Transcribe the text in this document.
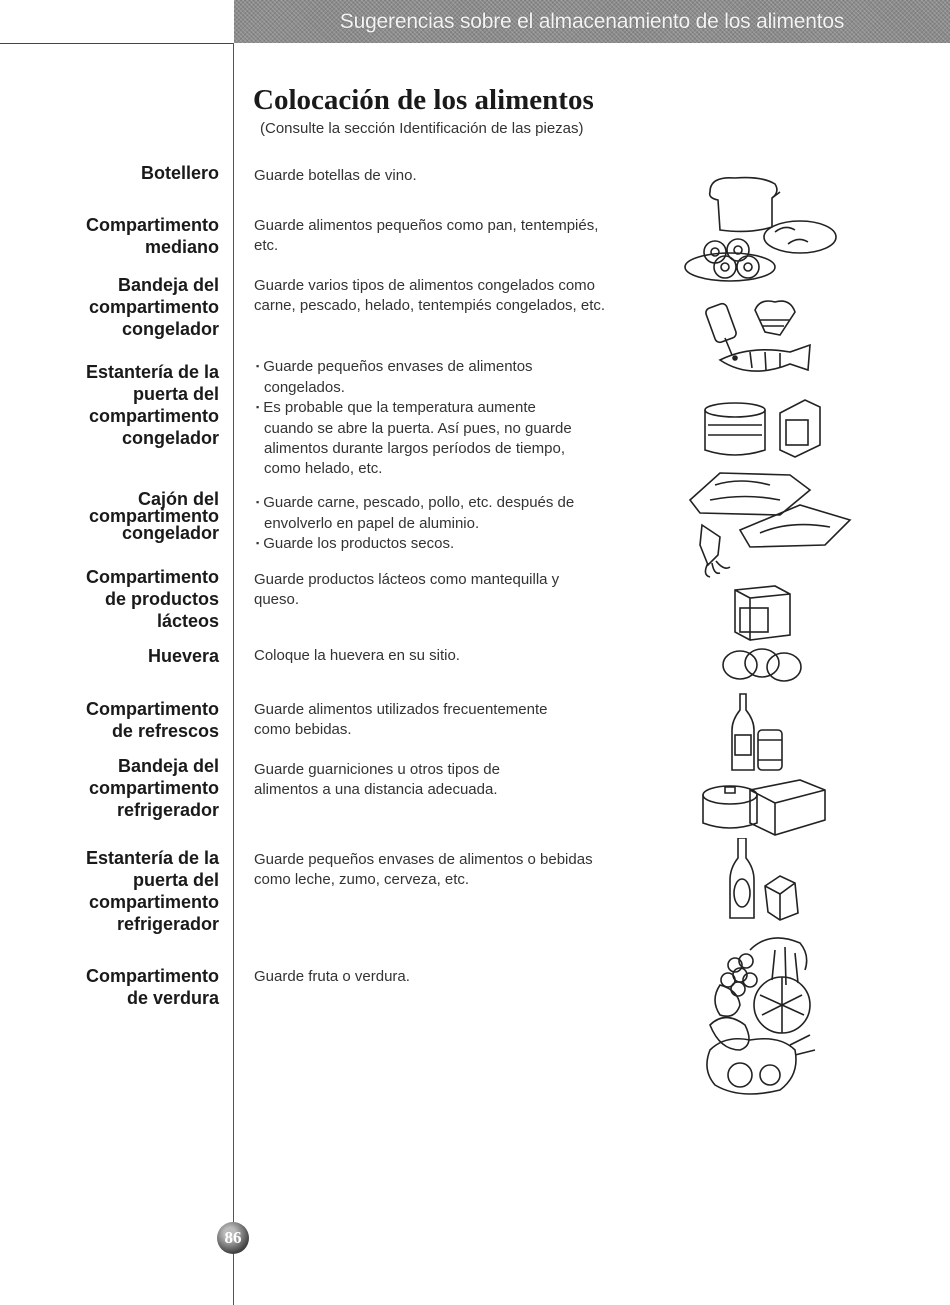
Sugerencias sobre el almacenamiento de los alimentos
Colocación de los alimentos
(Consulte la sección Identificación de las piezas)
Botellero
Compartimento
mediano
Bandeja del
compartimento
congelador
Estantería de la
puerta del
compartimento
congelador
Cajón del
compartimento
congelador
Compartimento
de productos
lácteos
Huevera
Compartimento
de refrescos
Bandeja del
compartimento
refrigerador
Estantería de la
puerta del
compartimento
refrigerador
Compartimento
de verdura
Guarde botellas de vino.
Guarde alimentos pequeños como pan, tentempiés, etc.
Guarde varios tipos de alimentos congelados como carne, pescado, helado, tentempiés congelados, etc.
▪ Guarde pequeños envases de alimentos congelados.
▪ Es probable que la temperatura aumente cuando se abre la puerta. Así pues, no guarde alimentos durante largos períodos de tiempo, como helado, etc.
▪ Guarde carne, pescado, pollo, etc. después de envolverlo en papel de aluminio.
▪ Guarde los productos secos.
Guarde productos lácteos como mantequilla y queso.
Coloque la huevera en su sitio.
Guarde alimentos utilizados frecuentemente como bebidas.
Guarde guarniciones u otros tipos de alimentos a una distancia adecuada.
Guarde pequeños envases de alimentos o bebidas como leche, zumo, cerveza, etc.
Guarde fruta o verdura.
86
